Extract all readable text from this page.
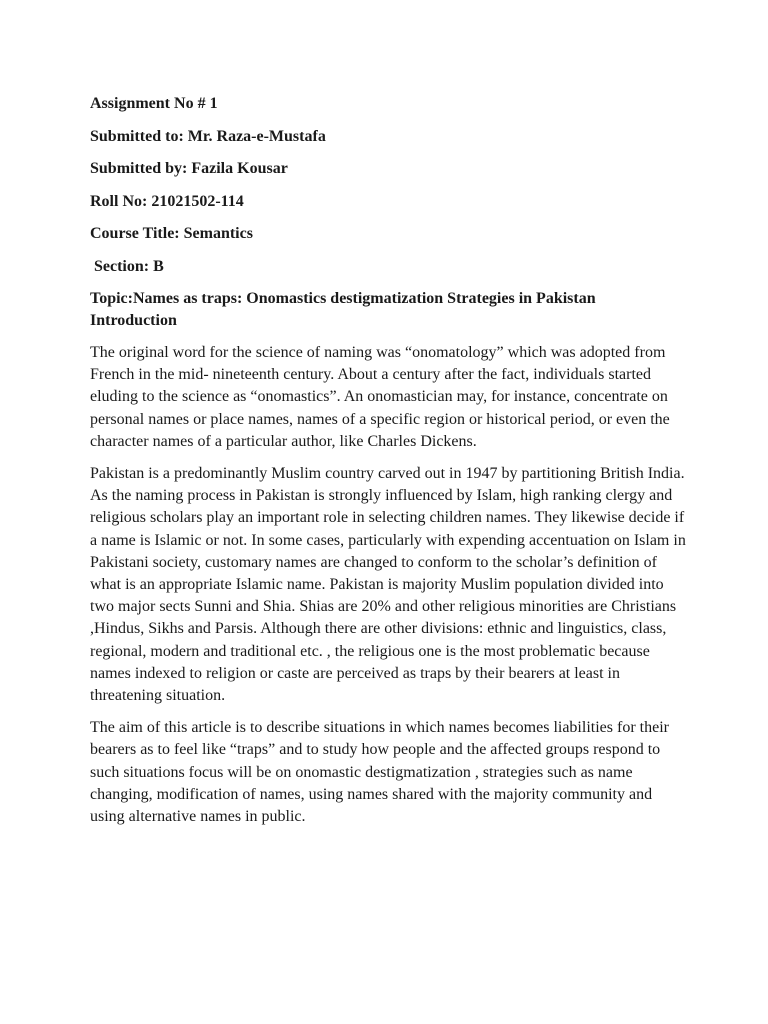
Assignment No # 1

Submitted to: Mr. Raza-e-Mustafa

Submitted by: Fazila Kousar

Roll No: 21021502-114

Course Title: Semantics

Section: B

Topic:Names as traps: Onomastics destigmatization Strategies in Pakistan

Introduction

The original word for the science of naming was “onomatology” which was adopted from French in the mid- nineteenth century. About a century after the fact, individuals started eluding to the science as “onomastics”. An onomastician may, for instance, concentrate on personal names or place names, names of a specific region or historical period, or even the character names of a particular author, like Charles Dickens.

Pakistan is a predominantly Muslim country carved out in 1947 by partitioning British India. As the naming process in Pakistan is strongly influenced by Islam, high ranking clergy and religious scholars play an important role in selecting children names. They likewise decide if a name is Islamic or not. In some cases, particularly with expending accentuation on Islam in Pakistani society, customary names are changed to conform to the scholar’s definition of what is an appropriate Islamic name. Pakistan is majority Muslim population divided into two major sects Sunni and Shia. Shias are 20% and other religious minorities are Christians ,Hindus, Sikhs and Parsis. Although there are other divisions: ethnic and linguistics, class, regional, modern and traditional etc. , the religious one is the most problematic because names indexed to religion or caste are perceived as traps by their bearers at least in threatening situation.

The aim of this article is to describe situations in which names becomes liabilities for their bearers as to feel like “traps” and to study how people and the affected groups respond to such situations focus will be on onomastic destigmatization , strategies such as name changing, modification of names, using names shared with the majority community and using alternative names in public.
